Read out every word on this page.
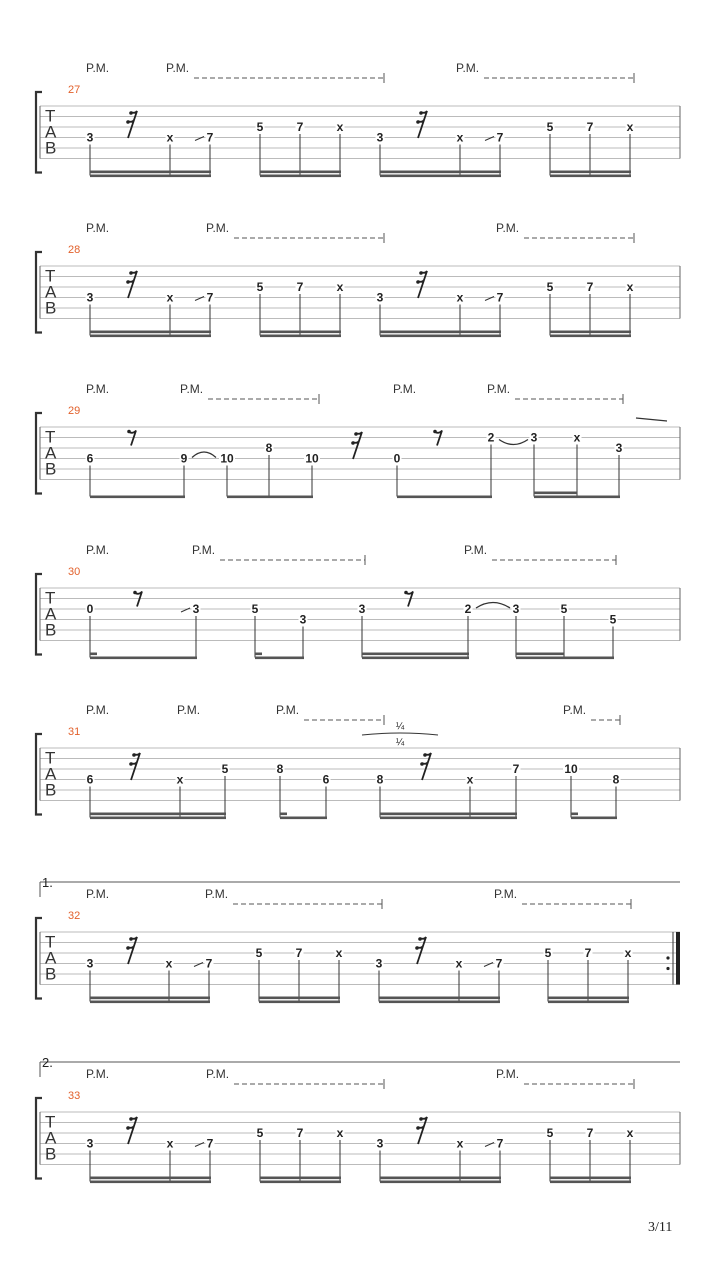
P.M.	P.M.	P.M.
27
T
A
B
3	x	7
5	7	x
3	x	7
5	7	x
P.M.	P.M.	P.M.
28
T
A
B
3	x	7
5	7	x
3	x	7
5	7	x
P.M.	P.M.	P.M.	P.M.
29
T
A
B
6	9	10
8
10	0
2	3	x
3
P.M.	P.M.	P.M.
30
T
A
B
0	3	5
3
3	2	3	5
5
P.M.	P.M.	P.M.	P.M.
31
T
A
B
¼
¼
6	x
5	8
6	8	x
7	10
8
1.
P.M.	P.M.	P.M.
32
T
A
B
3	x	7
5	7	x
3	x	7
5	7	x
2.
P.M.	P.M.	P.M.
33
T
A
B
3	x	7
5	7	x
3	x	7
5	7	x
3/11
